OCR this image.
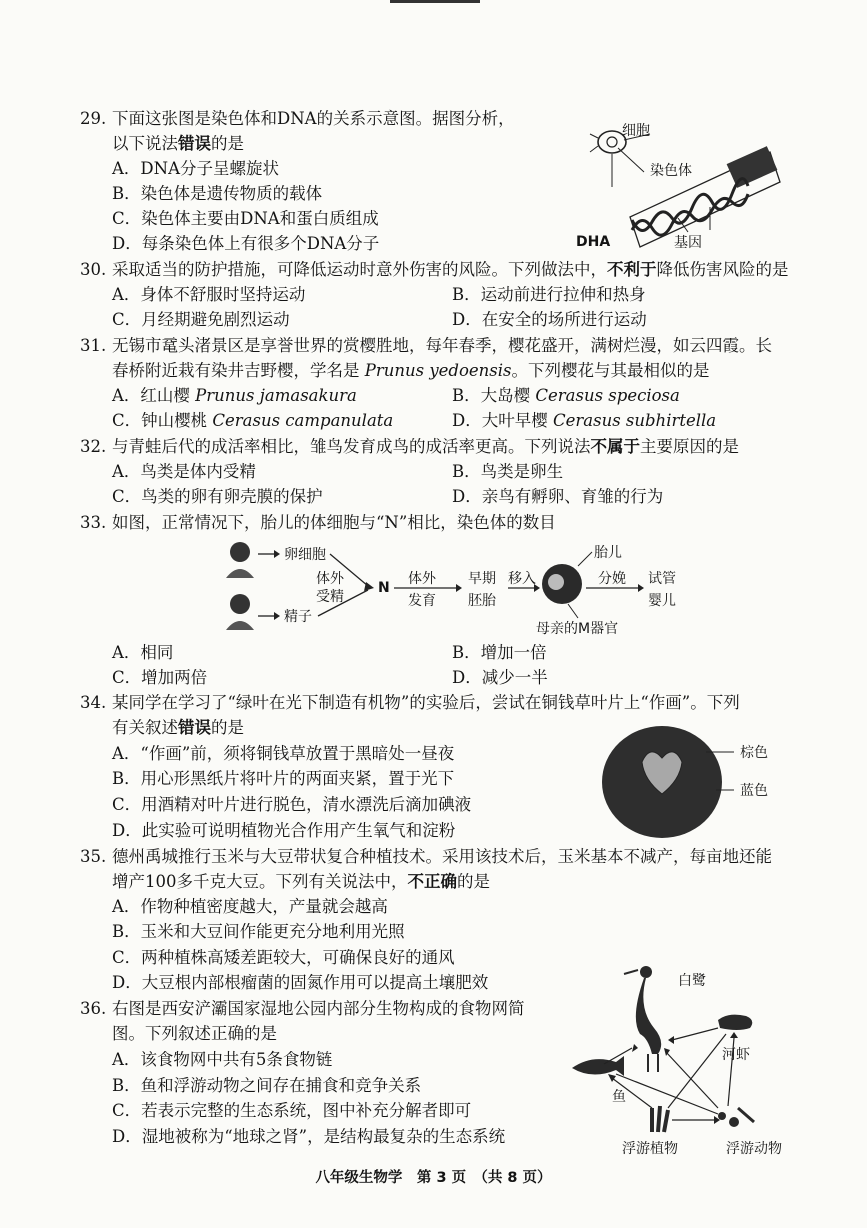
29. 下面这张图是染色体和DNA的关系示意图。据图分析，
以下说法错误的是
A．DNA分子呈螺旋状
B．染色体是遗传物质的载体
C．染色体主要由DNA和蛋白质组成
D．每条染色体上有很多个DNA分子
细胞
染色体
DHA	基因
30. 采取适当的防护措施，可降低运动时意外伤害的风险。下列做法中，不利于降低伤害风险的是
A．身体不舒服时坚持运动	B．运动前进行拉伸和热身
C．月经期避免剧烈运动	D．在安全的场所进行运动
31. 无锡市鼋头渚景区是享誉世界的赏樱胜地，每年春季，樱花盛开，满树烂漫，如云四霞。长
春桥附近栽有染井吉野樱，学名是 Prunus yedoensis。下列樱花与其最相似的是
A．红山樱 Prunus jamasakura	B．大岛樱 Cerasus speciosa
C．钟山樱桃 Cerasus campanulata	D．大叶早樱 Cerasus subhirtella
32. 与青蛙后代的成活率相比，雏鸟发育成鸟的成活率更高。下列说法不属于主要原因的是
A．鸟类是体内受精	B．鸟类是卵生
C．鸟类的卵有卵壳膜的保护	D．亲鸟有孵卵、育雏的行为
33. 如图，正常情况下，胎儿的体细胞与“N”相比，染色体的数目
卵细胞
精子
体外
受精
N
体外
发育
早期
胚胎
移入
胎儿
分娩 试管
婴儿
母亲的M器官
A．相同	B．增加一倍
C．增加两倍	D．减少一半
34. 某同学在学习了“绿叶在光下制造有机物”的实验后，尝试在铜钱草叶片上“作画”。下列
有关叙述错误的是
A．“作画”前，须将铜钱草放置于黑暗处一昼夜
B．用心形黑纸片将叶片的两面夹紧，置于光下
C．用酒精对叶片进行脱色，清水漂洗后滴加碘液
D．此实验可说明植物光合作用产生氧气和淀粉
棕色
蓝色
35. 德州禹城推行玉米与大豆带状复合种植技术。采用该技术后，玉米基本不减产，每亩地还能
增产100多千克大豆。下列有关说法中，不正确的是
A．作物种植密度越大，产量就会越高
B．玉米和大豆间作能更充分地利用光照
C．两种植株高矮差距较大，可确保良好的通风
D．大豆根内部根瘤菌的固氮作用可以提高土壤肥效
36. 右图是西安浐灞国家湿地公园内部分生物构成的食物网简
图。下列叙述正确的是
A．该食物网中共有5条食物链
B．鱼和浮游动物之间存在捕食和竞争关系
C．若表示完整的生态系统，图中补充分解者即可
D．湿地被称为“地球之肾”，是结构最复杂的生态系统
白鹭
河虾
鱼
浮游植物	浮游动物
八年级生物学　第 3 页　（共 8 页）
